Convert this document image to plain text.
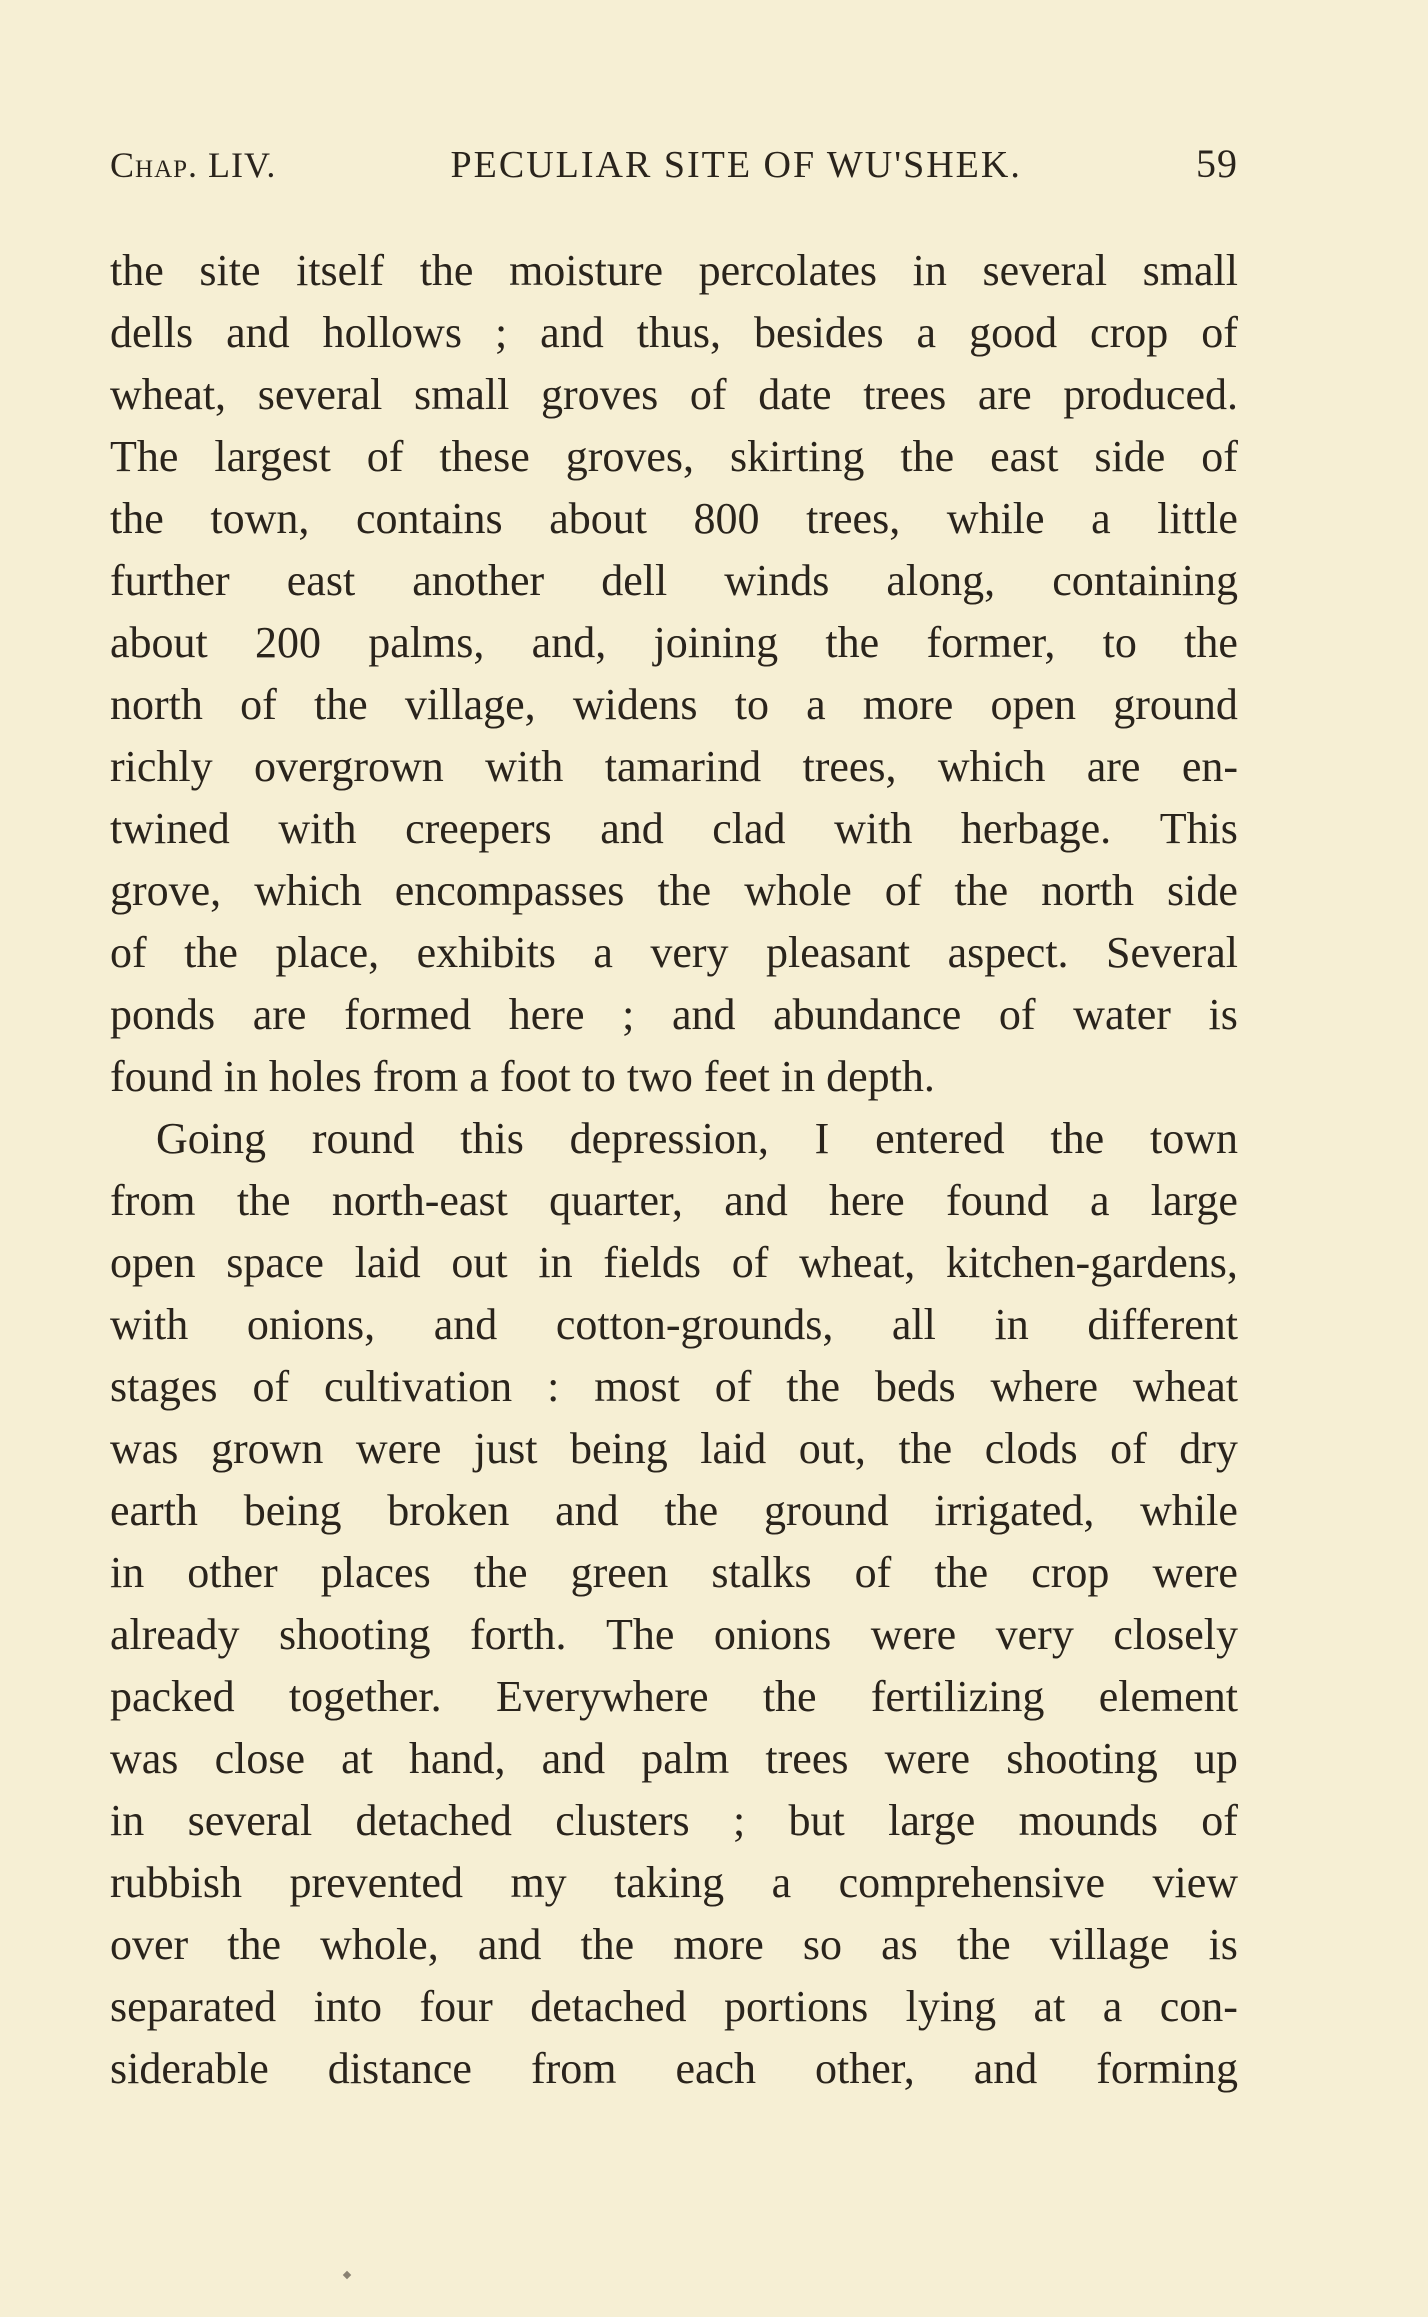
Chap. LIV.	PECULIAR SITE OF WU'SHEK.	59
the site itself the moisture percolates in several small
dells and hollows ; and thus, besides a good crop of
wheat, several small groves of date trees are produced.
The largest of these groves, skirting the east side of
the town, contains about 800 trees, while a little
further east another dell winds along, containing
about 200 palms, and, joining the former, to the
north of the village, widens to a more open ground
richly overgrown with tamarind trees, which are en-
twined with creepers and clad with herbage. This
grove, which encompasses the whole of the north side
of the place, exhibits a very pleasant aspect. Several
ponds are formed here ; and abundance of water is
found in holes from a foot to two feet in depth.
Going round this depression, I entered the town
from the north-east quarter, and here found a large
open space laid out in fields of wheat, kitchen-gardens,
with onions, and cotton-grounds, all in different
stages of cultivation : most of the beds where wheat
was grown were just being laid out, the clods of dry
earth being broken and the ground irrigated, while
in other places the green stalks of the crop were
already shooting forth. The onions were very closely
packed together. Everywhere the fertilizing element
was close at hand, and palm trees were shooting up
in several detached clusters ; but large mounds of
rubbish prevented my taking a comprehensive view
over the whole, and the more so as the village is
separated into four detached portions lying at a con-
siderable distance from each other, and forming
